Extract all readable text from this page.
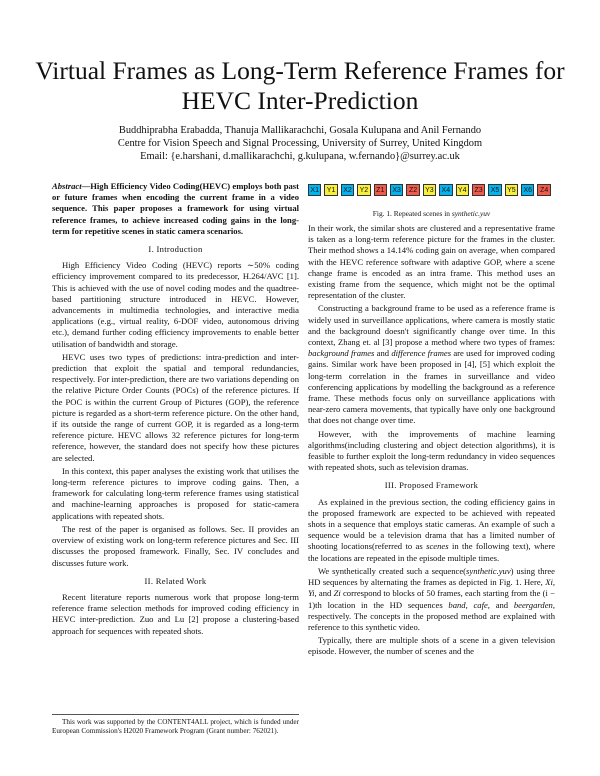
Virtual Frames as Long-Term Reference Frames for
HEVC Inter-Prediction
Buddhiprabha Erabadda, Thanuja Mallikarachchi, Gosala Kulupana and Anil Fernando
Centre for Vision Speech and Signal Processing, University of Surrey, United Kingdom
Email: {e.harshani, d.mallikarachchi, g.kulupana, w.fernando}@surrey.ac.uk

Abstract—High Efficiency Video Coding(HEVC) employs both past or future frames when encoding the current frame in a video sequence. This paper proposes a framework for using virtual reference frames, to achieve increased coding gains in the long-term for repetitive scenes in static camera scenarios.

I. Introduction

High Efficiency Video Coding (HEVC) reports ∼50% coding efficiency improvement compared to its predecessor, H.264/AVC [1]. This is achieved with the use of novel coding modes and the quadtree-based partitioning structure introduced in HEVC. However, advancements in multimedia technologies, and interactive media applications (e.g., virtual reality, 6-DOF video, autonomous driving etc.), demand further coding efficiency improvements to enable better utilisation of bandwidth and storage.

HEVC uses two types of predictions: intra-prediction and inter-prediction that exploit the spatial and temporal redundancies, respectively. For inter-prediction, there are two variations depending on the relative Picture Order Counts (POCs) of the reference pictures. If the POC is within the current Group of Pictures (GOP), the reference picture is regarded as a short-term reference picture. On the other hand, if its outside the range of current GOP, it is regarded as a long-term reference picture. HEVC allows 32 reference pictures for long-term reference, however, the standard does not specify how these pictures are selected.

In this context, this paper analyses the existing work that utilises the long-term reference pictures to improve coding gains. Then, a framework for calculating long-term reference frames using statistical and machine-learning approaches is proposed for static-camera applications with repeated shots.

The rest of the paper is organised as follows. Sec. II provides an overview of existing work on long-term reference pictures and Sec. III discusses the proposed framework. Finally, Sec. IV concludes and discusses future work.

II. Related Work

Recent literature reports numerous work that propose long-term reference frame selection methods for improved coding efficiency in HEVC inter-prediction. Zuo and Lu [2] propose a clustering-based approach for sequences with repeated shots.

This work was supported by the CONTENT4ALL project, which is funded under European Commission's H2020 Framework Program (Grant number: 762021).

X1	Y1	X2	Y2	Z1	X3	Z2	Y3	X4	Y4	Z3	X5	Y5	X6	Z4
Fig. 1. Repeated scenes in synthetic.yuv

In their work, the similar shots are clustered and a representative frame is taken as a long-term reference picture for the frames in the cluster. Their method shows a 14.14% coding gain on average, when compared with the HEVC reference software with adaptive GOP, where a scene change frame is encoded as an intra frame. This method uses an existing frame from the sequence, which might not be the optimal representation of the cluster.

Constructing a background frame to be used as a reference frame is widely used in surveillance applications, where camera is mostly static and the background doesn't significantly change over time. In this context, Zhang et. al [3] propose a method where two types of frames: background frames and difference frames are used for improved coding gains. Similar work have been proposed in [4], [5] which exploit the long-term correlation in the frames in surveillance and video conferencing applications by modelling the background as a reference frame. These methods focus only on surveillance applications with near-zero camera movements, that typically have only one background that does not change over time.

However, with the improvements of machine learning algorithms(including clustering and object detection algorithms), it is feasible to further exploit the long-term redundancy in video sequences with repeated shots, such as television dramas.

III. Proposed Framework

As explained in the previous section, the coding efficiency gains in the proposed framework are expected to be achieved with repeated shots in a sequence that employs static cameras. An example of such a sequence would be a television drama that has a limited number of shooting locations(referred to as scenes in the following text), where the locations are repeated in the episode multiple times.

We synthetically created such a sequence(synthetic.yuv) using three HD sequences by alternating the frames as depicted in Fig. 1. Here, Xi, Yi, and Zi correspond to blocks of 50 frames, each starting from the (i − 1)th location in the HD sequences band, cafe, and beergarden, respectively. The concepts in the proposed method are explained with reference to this synthetic video.

Typically, there are multiple shots of a scene in a given television episode. However, the number of scenes and the
